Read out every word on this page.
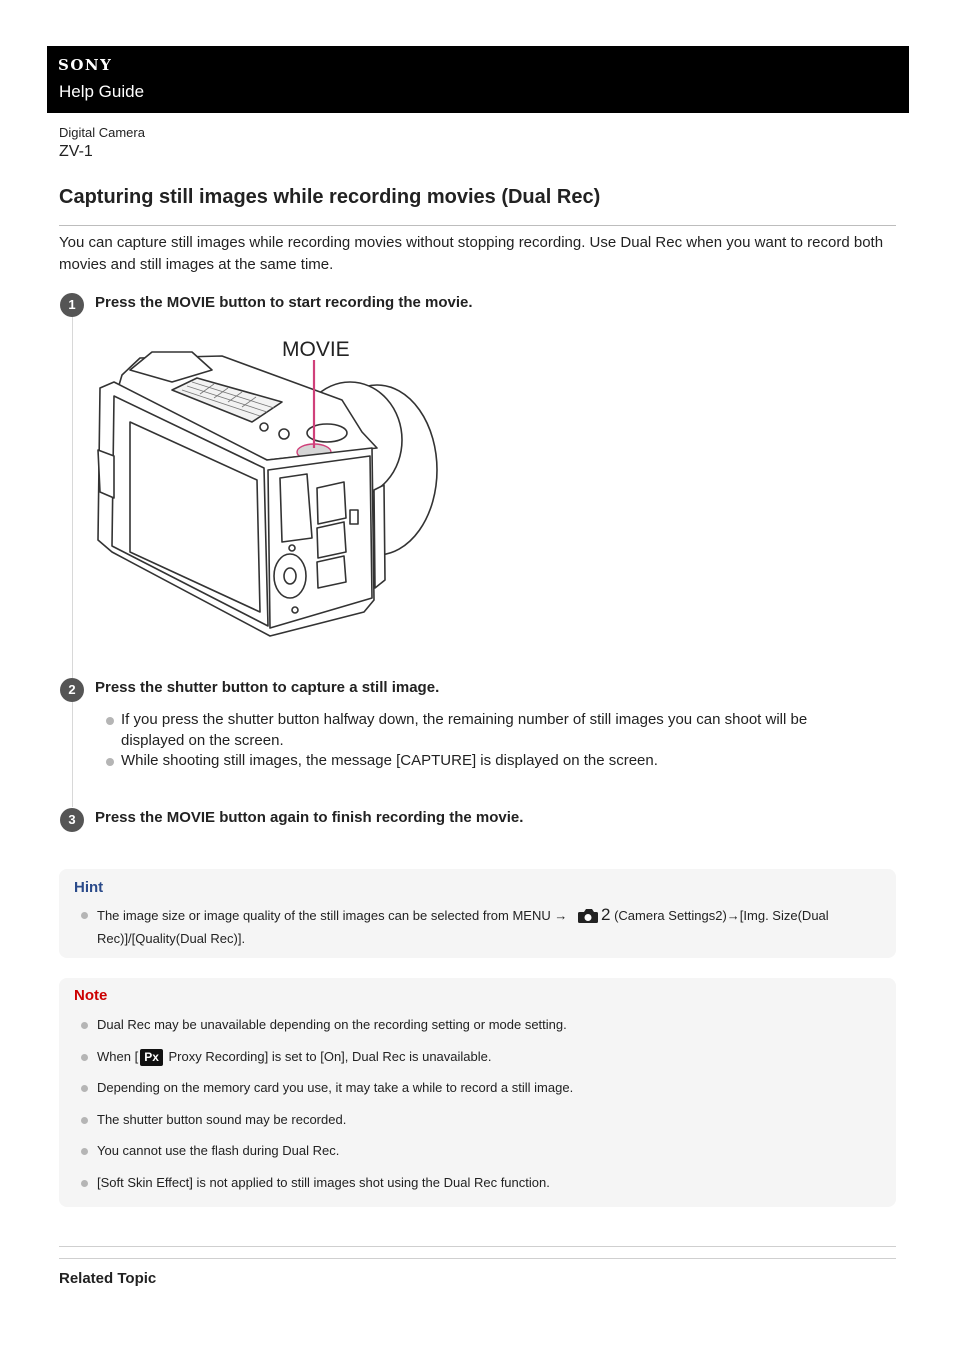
SONY
Help Guide
Digital Camera
ZV-1
Capturing still images while recording movies (Dual Rec)
You can capture still images while recording movies without stopping recording. Use Dual Rec when you want to record both movies and still images at the same time.
1	Press the MOVIE button to start recording the movie.
MOVIE
2	Press the shutter button to capture a still image.
If you press the shutter button halfway down, the remaining number of still images you can shoot will be displayed on the screen.
While shooting still images, the message [CAPTURE] is displayed on the screen.
3	Press the MOVIE button again to finish recording the movie.
Hint
The image size or image quality of the still images can be selected from MENU → 2 (Camera Settings2)→[Img. Size(Dual Rec)]/[Quality(Dual Rec)].
Note
Dual Rec may be unavailable depending on the recording setting or mode setting.
When [ Px Proxy Recording] is set to [On], Dual Rec is unavailable.
Depending on the memory card you use, it may take a while to record a still image.
The shutter button sound may be recorded.
You cannot use the flash during Dual Rec.
[Soft Skin Effect] is not applied to still images shot using the Dual Rec function.
Related Topic
